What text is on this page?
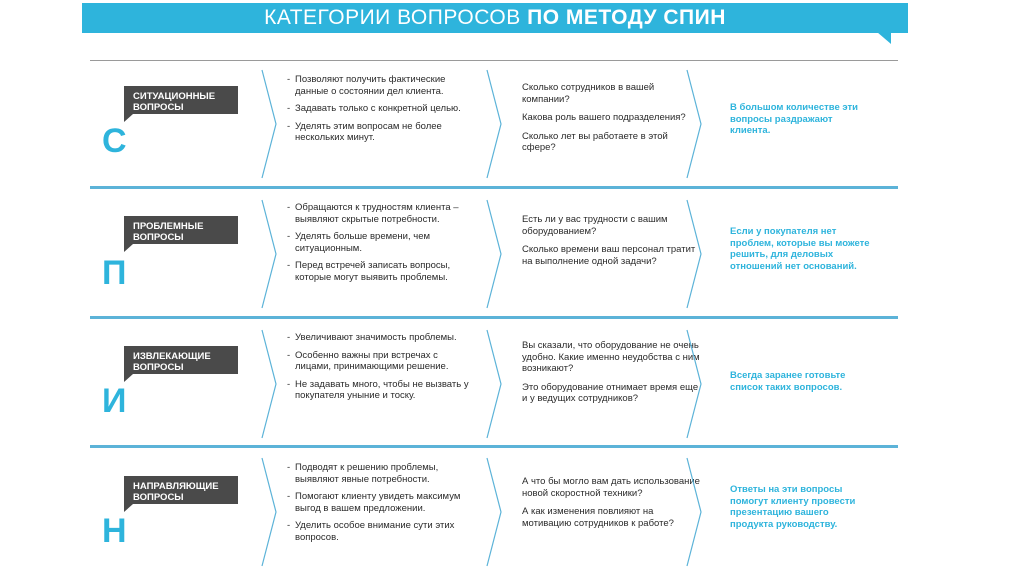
КАТЕГОРИИ ВОПРОСОВ ПО МЕТОДУ СПИН
СИТУАЦИОННЫЕ ВОПРОСЫ
С
- Позволяют получить фактические данные о состоянии дел клиента.
- Задавать только с конкретной целью.
- Уделять этим вопросам не более нескольких минут.

Сколько сотрудников в вашей компании?

Какова роль вашего подразделения?

Сколько лет вы работаете в этой сфере?

В большом количестве эти вопросы раздражают клиента.
ПРОБЛЕМНЫЕ ВОПРОСЫ
П
- Обращаются к трудностям клиента – выявляют скрытые потребности.
- Уделять больше времени, чем ситуационным.
- Перед встречей записать вопросы, которые могут выявить проблемы.

Есть ли у вас трудности с вашим оборудованием?

Сколько времени ваш персонал тратит на выполнение одной задачи?

Если у покупателя нет проблем, которые вы можете решить, для деловых отношений нет оснований.
ИЗВЛЕКАЮЩИЕ ВОПРОСЫ
И
- Увеличивают значимость проблемы.
- Особенно важны при встречах с лицами, принимающими решение.
- Не задавать много, чтобы не вызвать у покупателя уныние и тоску.

Вы сказали, что оборудование не очень удобно. Какие именно неудобства с ним возникают?

Это оборудование отнимает время еще и у ведущих сотрудников?

Всегда заранее готовьте список таких вопросов.
НАПРАВЛЯЮЩИЕ ВОПРОСЫ
Н
- Подводят к решению проблемы, выявляют явные потребности.
- Помогают клиенту увидеть максимум выгод в вашем предложении.
- Уделить особое внимание сути этих вопросов.

А что бы могло вам дать использование новой скоростной техники?

А как изменения повлияют на мотивацию сотрудников к работе?

Ответы на эти вопросы помогут клиенту провести презентацию вашего продукта руководству.
